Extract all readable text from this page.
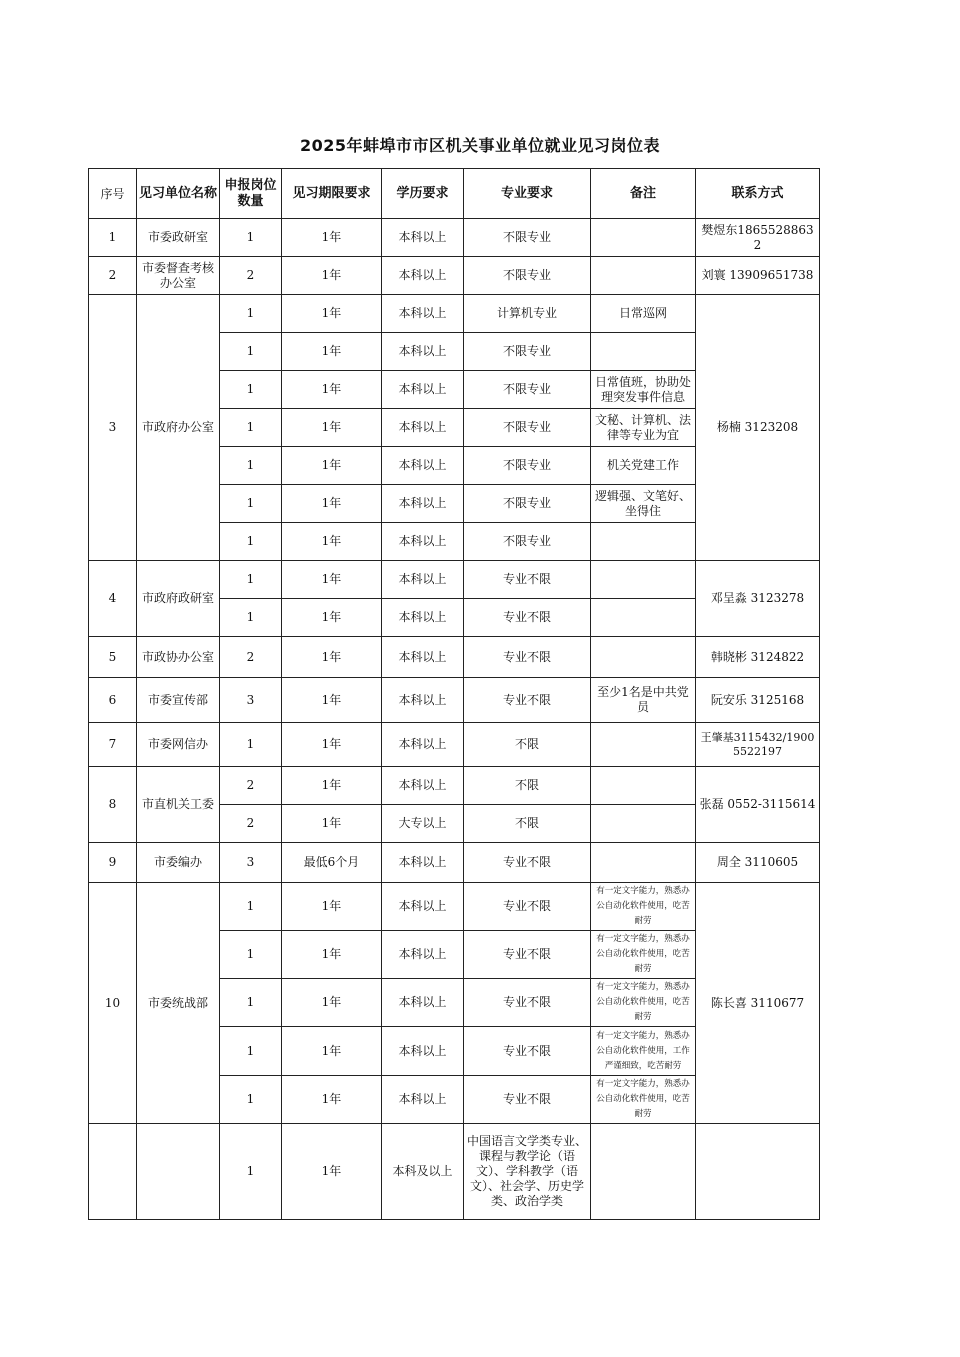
2025年蚌埠市市区机关事业单位就业见习岗位表
序号	见习单位名称	申报岗位数量	见习期限要求	学历要求	专业要求	备注	联系方式
1	市委政研室	1	1年	本科以上	不限专业		樊煜东18655288632
2	市委督查考核办公室	2	1年	本科以上	不限专业		刘寰 13909651738
3	市政府办公室	1	1年	本科以上	计算机专业	日常巡网	杨楠 3123208
		1	1年	本科以上	不限专业		
		1	1年	本科以上	不限专业	日常值班，协助处理突发事件信息	
		1	1年	本科以上	不限专业	文秘、计算机、法律等专业为宜	
		1	1年	本科以上	不限专业	机关党建工作	
		1	1年	本科以上	不限专业	逻辑强、文笔好、坐得住	
		1	1年	本科以上	不限专业		
4	市政府政研室	1	1年	本科以上	专业不限		邓呈淼 3123278
		1	1年	本科以上	专业不限		
5	市政协办公室	2	1年	本科以上	专业不限		韩晓彬 3124822
6	市委宣传部	3	1年	本科以上	专业不限	至少1名是中共党员	阮安乐 3125168
7	市委网信办	1	1年	本科以上	不限		王肇基3115432/19005522197
8	市直机关工委	2	1年	本科以上	不限		张磊 0552-3115614
		2	1年	大专以上	不限		
9	市委编办	3	最低6个月	本科以上	专业不限		周全 3110605
10	市委统战部	1	1年	本科以上	专业不限	有一定文字能力，熟悉办公自动化软件使用，吃苦耐劳	陈长喜 3110677
		1	1年	本科以上	专业不限	有一定文字能力，熟悉办公自动化软件使用，吃苦耐劳	
		1	1年	本科以上	专业不限	有一定文字能力，熟悉办公自动化软件使用，吃苦耐劳	
		1	1年	本科以上	专业不限	有一定文字能力，熟悉办公自动化软件使用，工作严谨细致，吃苦耐劳	
		1	1年	本科以上	专业不限	有一定文字能力，熟悉办公自动化软件使用，吃苦耐劳	
		1	1年	本科及以上	中国语言文学类专业、课程与教学论（语文）、学科教学（语文）、社会学、历史学类、政治学类		
